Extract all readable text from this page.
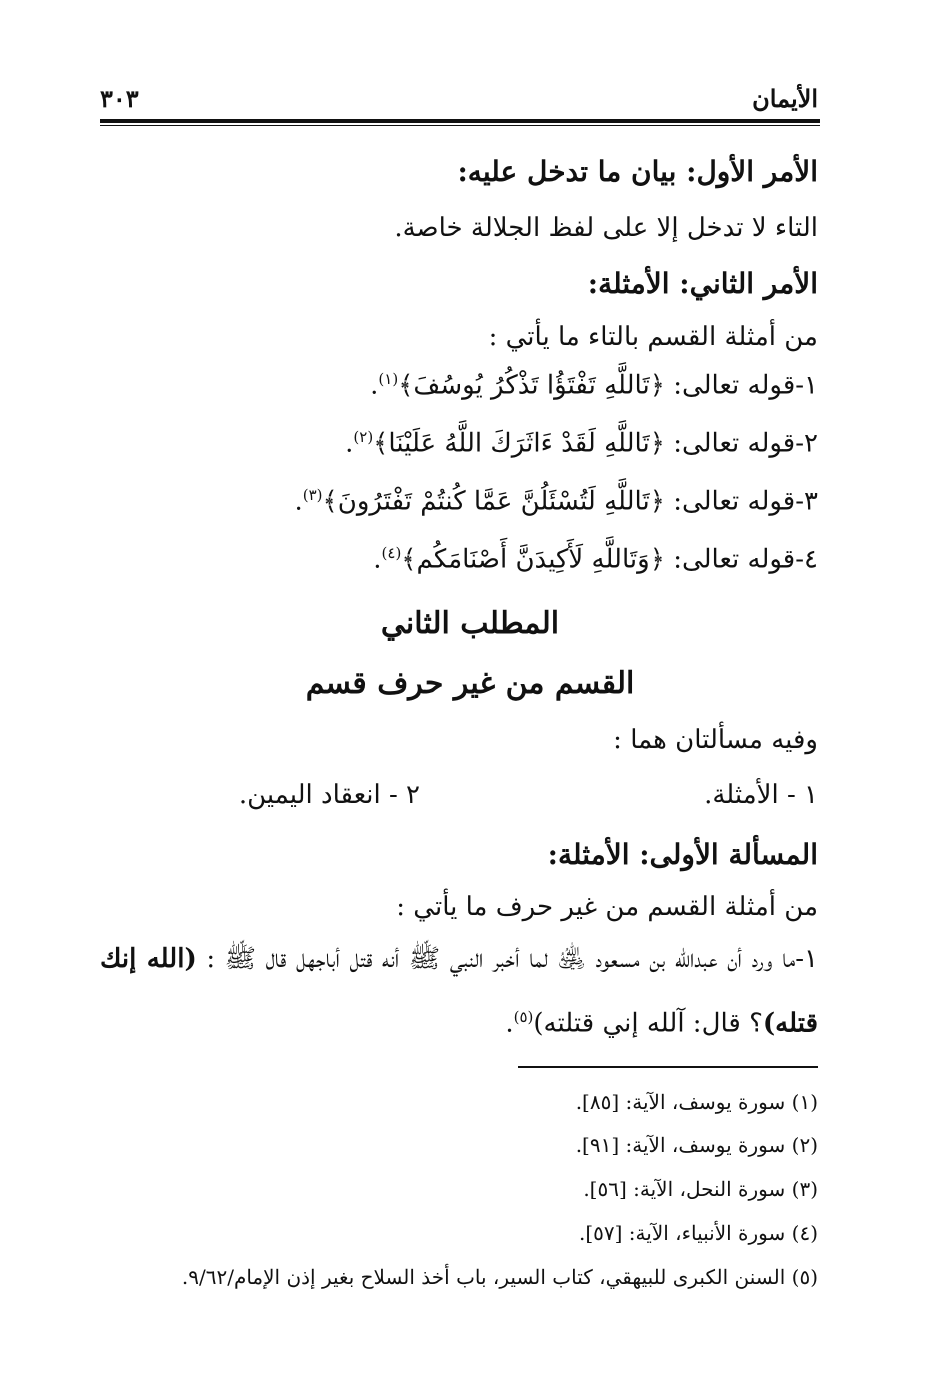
الأيمان
٣٠٣
الأمر الأول: بيان ما تدخل عليه:
التاء لا تدخل إلا على لفظ الجلالة خاصة.
الأمر الثاني: الأمثلة:
من أمثلة القسم بالتاء ما يأتي :
١-قوله تعالى: ﴿تَاللَّهِ تَفْتَؤُا تَذْكُرُ يُوسُفَ﴾$^{(١)}$.
٢-قوله تعالى: ﴿تَاللَّهِ لَقَدْ ءَاثَرَكَ اللَّهُ عَلَيْنَا﴾$^{(٢)}$.
٣-قوله تعالى: ﴿تَاللَّهِ لَتُسْئَلُنَّ عَمَّا كُنتُمْ تَفْتَرُونَ﴾$^{(٣)}$.
٤-قوله تعالى: ﴿وَتَاللَّهِ لَأَكِيدَنَّ أَصْنَامَكُم﴾$^{(٤)}$.
المطلب الثاني
القسم من غير حرف قسم
وفيه مسألتان هما :
١ - الأمثلة.
٢ - انعقاد اليمين.
المسألة الأولى: الأمثلة:
من أمثلة القسم من غير حرف ما يأتي :
١-ما ورد أن عبدالله بن مسعود ﵁ لما أخبر النبي ﷺ أنه قتل أباجهل قال ﷺ : (الله إنك قتله)؟ قال: آلله إني قتلته)$^{(٥)}$.
(١) سورة يوسف، الآية: [٨٥].
(٢) سورة يوسف، الآية: [٩١].
(٣) سورة النحل، الآية: [٥٦].
(٤) سورة الأنبياء، الآية: [٥٧].
(٥) السنن الكبرى للبيهقي، كتاب السير، باب أخذ السلاح بغير إذن الإمام/٩/٦٢.
